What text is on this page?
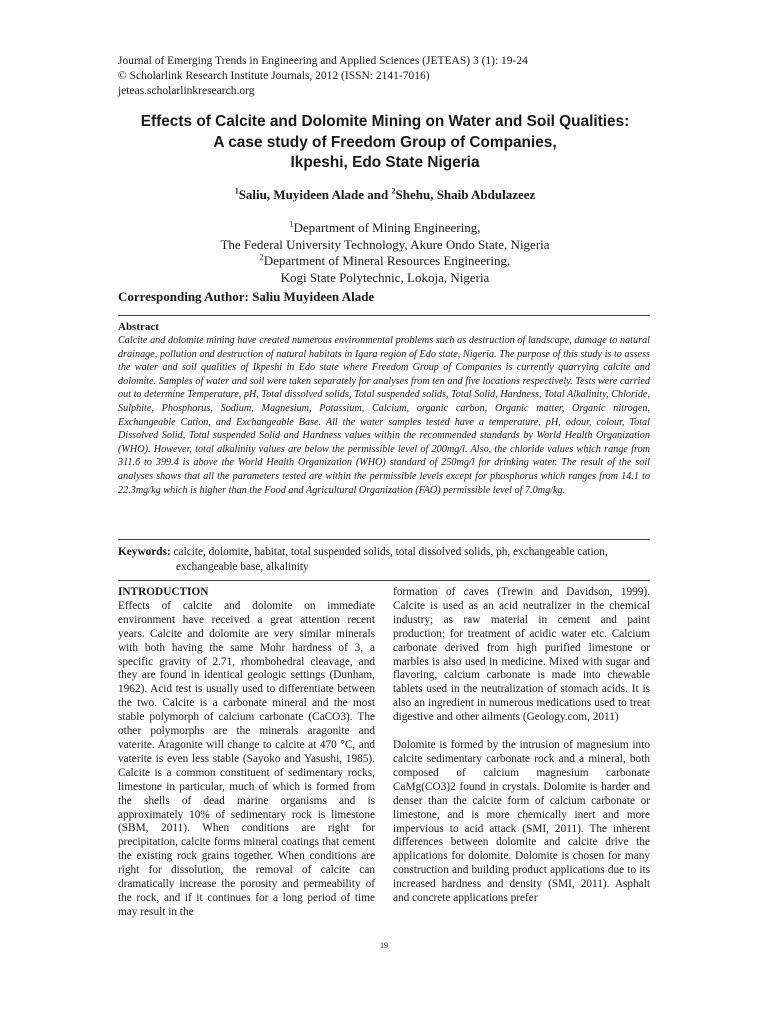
Journal of Emerging Trends in Engineering and Applied Sciences (JETEAS) 3 (1): 19-24
© Scholarlink Research Institute Journals, 2012 (ISSN: 2141-7016)
jeteas.scholarlinkresearch.org
Effects of Calcite and Dolomite Mining on Water and Soil Qualities:
A case study of Freedom Group of Companies,
Ikpeshi, Edo State Nigeria
$^1$Saliu, Muyideen Alade and $^2$Shehu, Shaib Abdulazeez
$^1$Department of Mining Engineering,
The Federal University Technology, Akure Ondo State, Nigeria
$^2$Department of Mineral Resources Engineering,
Kogi State Polytechnic, Lokoja, Nigeria
Corresponding Author: Saliu Muyideen Alade
Abstract
Calcite and dolomite mining have created numerous environmental problems such as destruction of landscape, damage to natural drainage, pollution and destruction of natural habitats in Igara region of Edo state, Nigeria. The purpose of this study is to assess the water and soil qualities of Ikpeshi in Edo state where Freedom Group of Companies is currently quarrying calcite and dolomite. Samples of water and soil were taken separately for analyses from ten and five locations respectively. Tests were carried out to determine Temperature, pH, Total dissolved solids, Total suspended solids, Total Solid, Hardness, Total Alkalinity, Chloride, Sulphite, Phosphorus, Sodium, Magnesium, Potassium, Calcium, organic carbon, Organic matter, Organic nitrogen, Exchangeable Cation, and Exchangeable Base. All the water samples tested have a temperature, pH, odour, colour, Total Dissolved Solid, Total suspended Solid and Hardness values within the recommended standards by World Health Organization (WHO). However, total alkalinity values are below the permissible level of 200mg/l. Also, the chloride values which range from 311.6 to 399.4 is above the World Health Organization (WHO) standard of 250mg/l for drinking water. The result of the soil analyses shows that all the parameters tested are within the permissible levels except for phosphorus which ranges from 14.1 to 22.3mg/kg which is higher than the Food and Agricultural Organization (FAO) permissible level of 7.0mg/kg.
Keywords: calcite, dolomite, habitat, total suspended solids, total dissolved solids, ph, exchangeable cation,
exchangeable base, alkalinity

INTRODUCTION

Effects of calcite and dolomite on immediate environment have received a great attention recent years. Calcite and dolomite are very similar minerals with both having the same Mohr hardness of 3, a specific gravity of 2.71, rhombohedral cleavage, and they are found in identical geologic settings (Dunham, 1962). Acid test is usually used to differentiate between the two. Calcite is a carbonate mineral and the most stable polymorph of calcium carbonate (CaCO3). The other polymorphs are the minerals aragonite and vaterite. Aragonite will change to calcite at 470 °C, and vaterite is even less stable (Sayoko and Yasushi, 1985). Calcite is a common constituent of sedimentary rocks, limestone in particular, much of which is formed from the shells of dead marine organisms and is approximately 10% of sedimentary rock is limestone (SBM, 2011). When conditions are right for precipitation, calcite forms mineral coatings that cement the existing rock grains together. When conditions are right for dissolution, the removal of calcite can dramatically increase the porosity and permeability of the rock, and if it continues for a long period of time may result in the

formation of caves (Trewin and Davidson, 1999). Calcite is used as an acid neutralizer in the chemical industry; as raw material in cement and paint production; for treatment of acidic water etc. Calcium carbonate derived from high purified limestone or marbles is also used in medicine. Mixed with sugar and flavoring, calcium carbonate is made into chewable tablets used in the neutralization of stomach acids. It is also an ingredient in numerous medications used to treat digestive and other ailments (Geology.com, 2011)

Dolomite is formed by the intrusion of magnesium into calcite sedimentary carbonate rock and a mineral, both composed of calcium magnesium carbonate CaMg(CO3)2 found in crystals. Dolomite is harder and denser than the calcite form of calcium carbonate or limestone, and is more chemically inert and more impervious to acid attack (SMI, 2011). The inherent differences between dolomite and calcite drive the applications for dolomite. Dolomite is chosen for many construction and building product applications due to its increased hardness and density (SMI, 2011). Asphalt and concrete applications prefer

19
